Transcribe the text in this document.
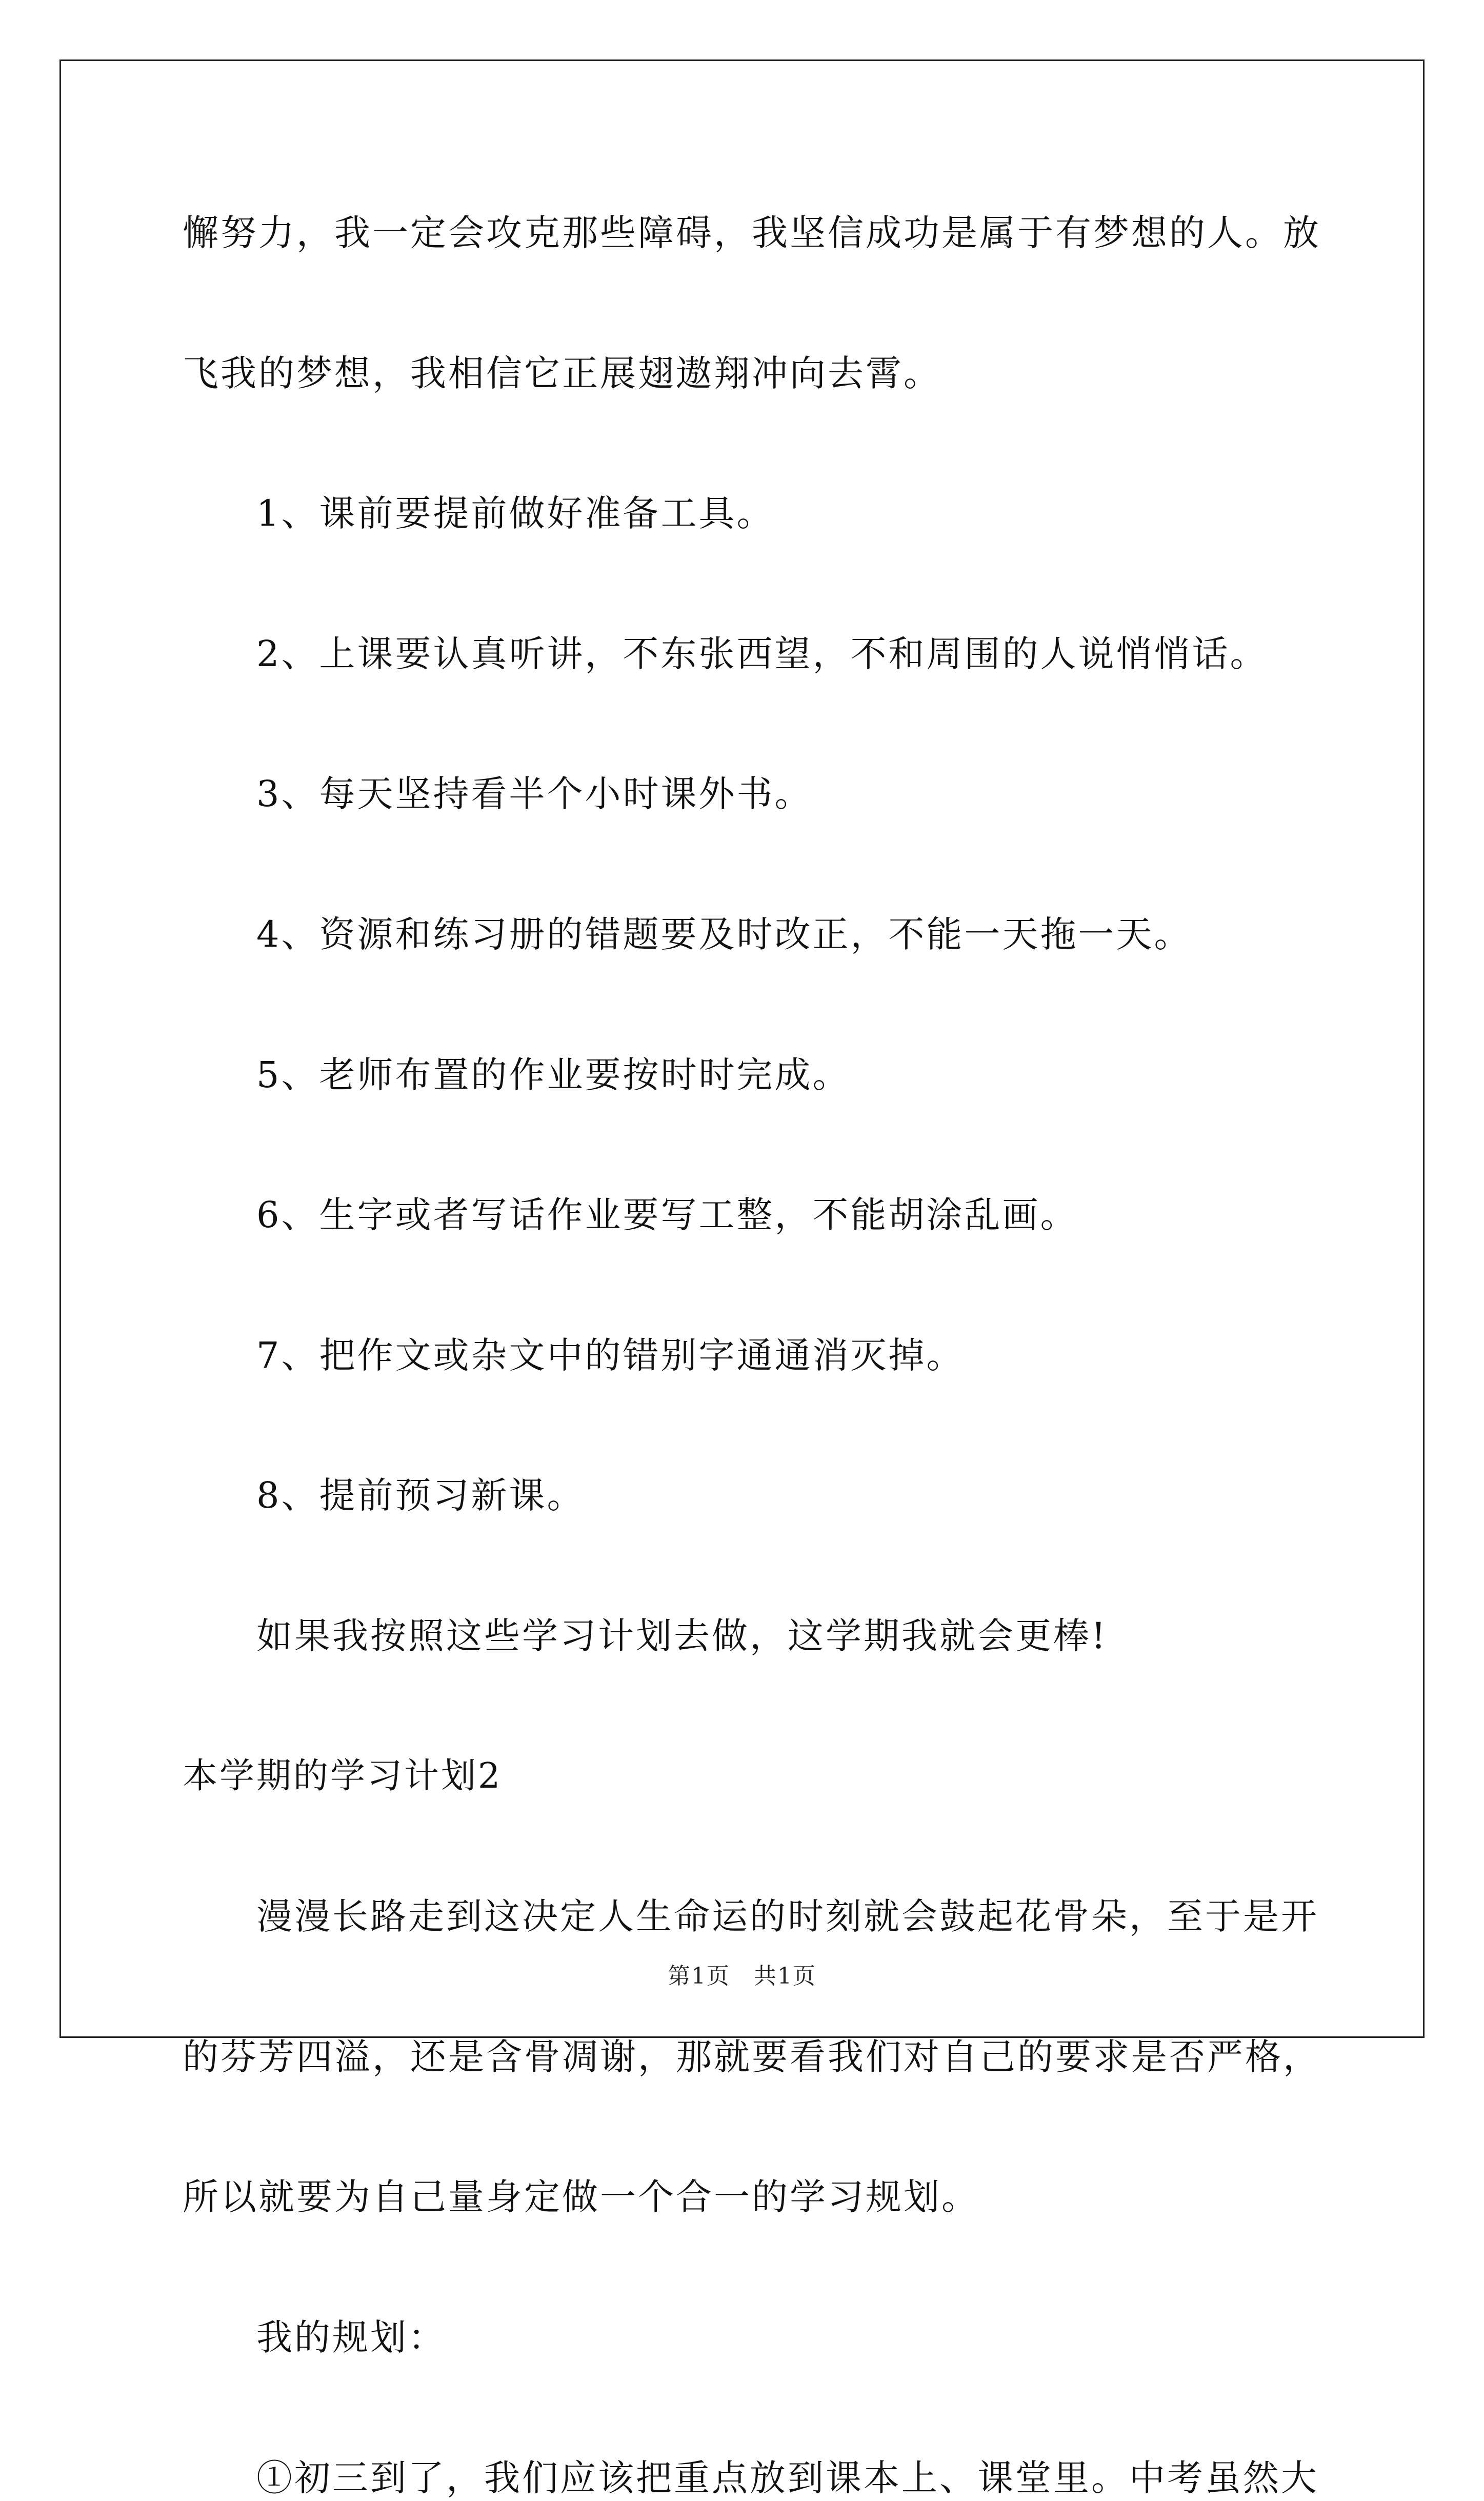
第1页　共1页

懈努力，我一定会攻克那些障碍，我坚信成功是属于有梦想的人。放

飞我的梦想，我相信它正展翅遨翔冲向去霄。

1、课前要提前做好准备工具。

2、上课要认真听讲，不东张西望，不和周围的人说悄悄话。

3、每天坚持看半个小时课外书。

4、资源和练习册的错题要及时改正，不能一天拖一天。

5、老师布置的作业要按时时完成。

6、生字或者写话作业要写工整，不能胡涂乱画。

7、把作文或杂文中的错别字通通消灭掉。

8、提前预习新课。

如果我按照这些学习计划去做，这学期我就会更棒!

本学期的学习计划2

漫漫长路走到这决定人生命运的时刻就会鼓起花骨朵，至于是开

的芬芳四溢，还是含骨凋谢，那就要看我们对自己的要求是否严格，

所以就要为自己量身定做一个合一的学习规划。

我的规划：

①初三到了，我们应该把重点放到课本上、课堂里。中考虽然大
